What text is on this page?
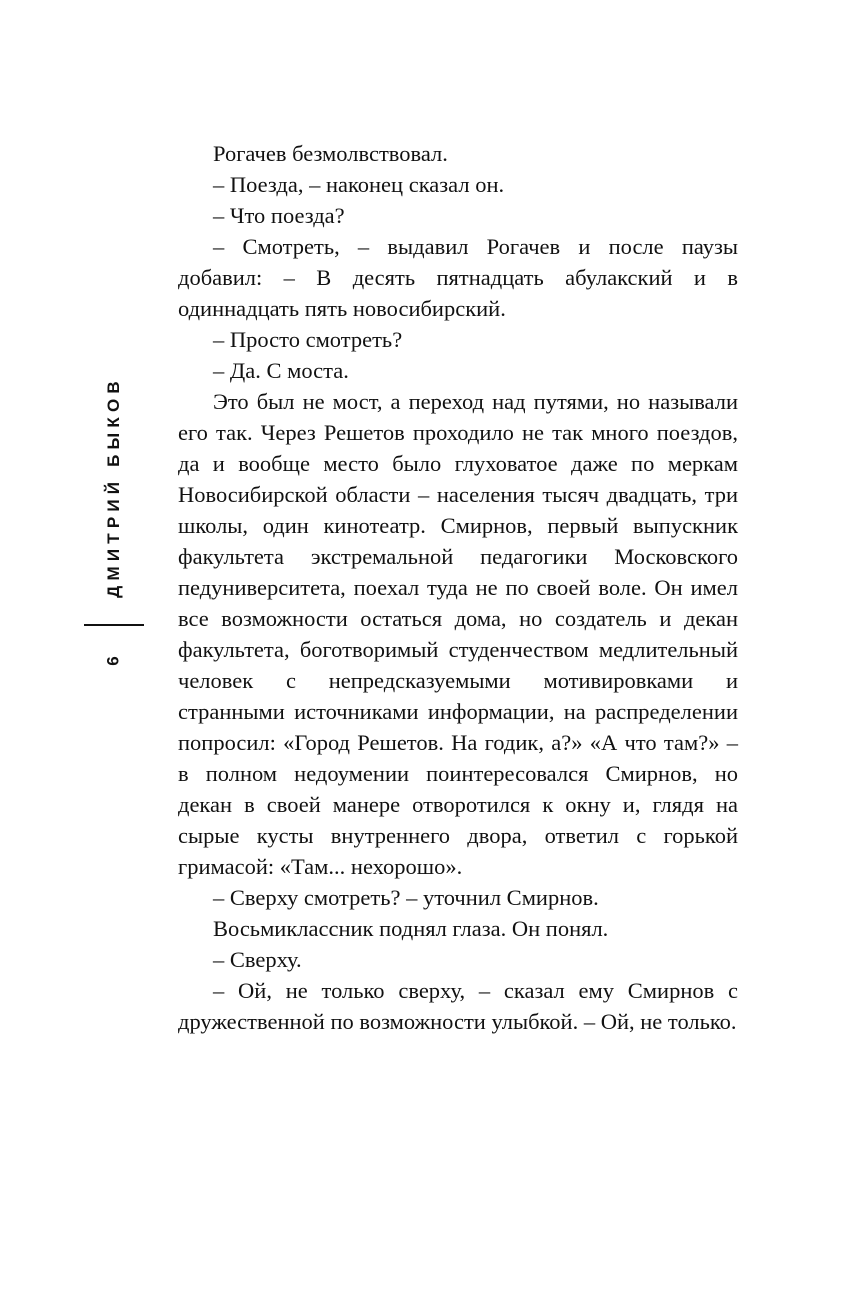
ДМИТРИЙ БЫКОВ
6

Рогачев безмолвствовал.

– Поезда, – наконец сказал он.

– Что поезда?

– Смотреть, – выдавил Рогачев и после паузы добавил: – В десять пятнадцать абулакский и в одиннадцать пять новосибирский.

– Просто смотреть?

– Да. С моста.

Это был не мост, а переход над путями, но называли его так. Через Решетов проходило не так много поездов, да и вообще место было глуховатое даже по меркам Новосибирской области – населения тысяч двадцать, три школы, один кинотеатр. Смирнов, первый выпускник факультета экстремальной педагогики Московского педуниверситета, поехал туда не по своей воле. Он имел все возможности остаться дома, но создатель и декан факультета, боготворимый студенчеством медлительный человек с непредсказуемыми мотивировками и странными источниками информации, на распределении попросил: «Город Решетов. На годик, а?» «А что там?» – в полном недоумении поинтересовался Смирнов, но декан в своей манере отворотился к окну и, глядя на сырые кусты внутреннего двора, ответил с горькой гримасой: «Там... нехорошо».

– Сверху смотреть? – уточнил Смирнов.

Восьмиклассник поднял глаза. Он понял.

– Сверху.

– Ой, не только сверху, – сказал ему Смирнов с дружественной по возможности улыбкой. – Ой, не только.
